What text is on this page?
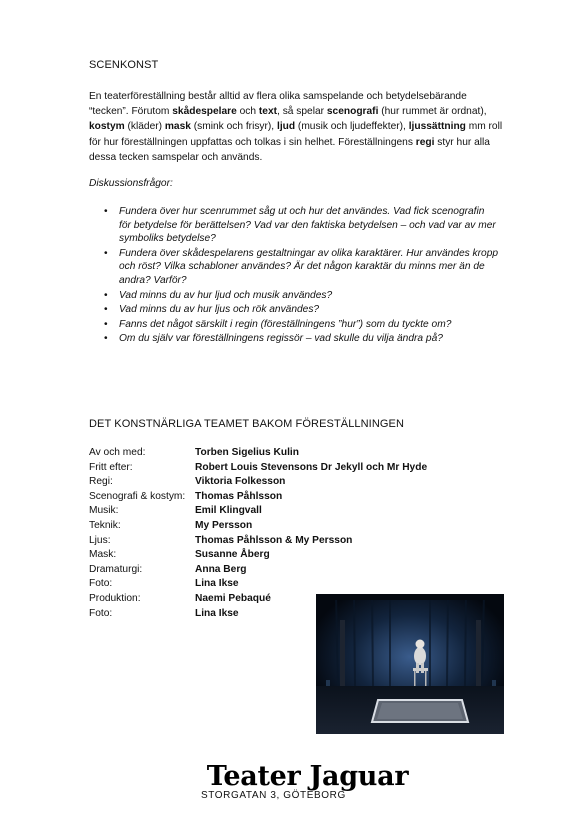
SCENKONST
En teaterföreställning består alltid av flera olika samspelande och betydelsebärande “tecken”. Förutom skådespelare och text, så spelar scenografi (hur rummet är ordnat), kostym (kläder) mask (smink och frisyr), ljud (musik och ljudeffekter), ljussättning mm roll för hur föreställningen uppfattas och tolkas i sin helhet. Föreställningens regi styr hur alla dessa tecken samspelar och används.
Diskussionsfrågor:
• Fundera över hur scenrummet såg ut och hur det användes. Vad fick scenografin för betydelse för berättelsen? Vad var den faktiska betydelsen – och vad var av mer symboliks betydelse?
• Fundera över skådespelarens gestaltningar av olika karaktärer. Hur användes kropp och röst? Vilka schabloner användes? Är det någon karaktär du minns mer än de andra? Varför?
• Vad minns du av hur ljud och musik användes?
• Vad minns du av hur ljus och rök användes?
• Fanns det något särskilt i regin (föreställningens ”hur”) som du tyckte om?
• Om du själv var föreställningens regissör – vad skulle du vilja ändra på?
DET KONSTNÄRLIGA TEAMET BAKOM FÖRESTÄLLNINGEN
Av och med:	Torben Sigelius Kulin
Fritt efter:	Robert Louis Stevensons Dr Jekyll och Mr Hyde
Regi:	Viktoria Folkesson
Scenografi & kostym: Thomas Påhlsson
Musik:	Emil Klingvall
Teknik:	My Persson
Ljus:	Thomas Påhlsson & My Persson
Mask:	Susanne Åberg
Dramaturgi:	Anna Berg
Foto:	Lina Ikse
Produktion:	Naemi Pebaqué
Foto:	Lina Ikse
Teater Jaguar
STORGATAN 3, GÖTEBORG
